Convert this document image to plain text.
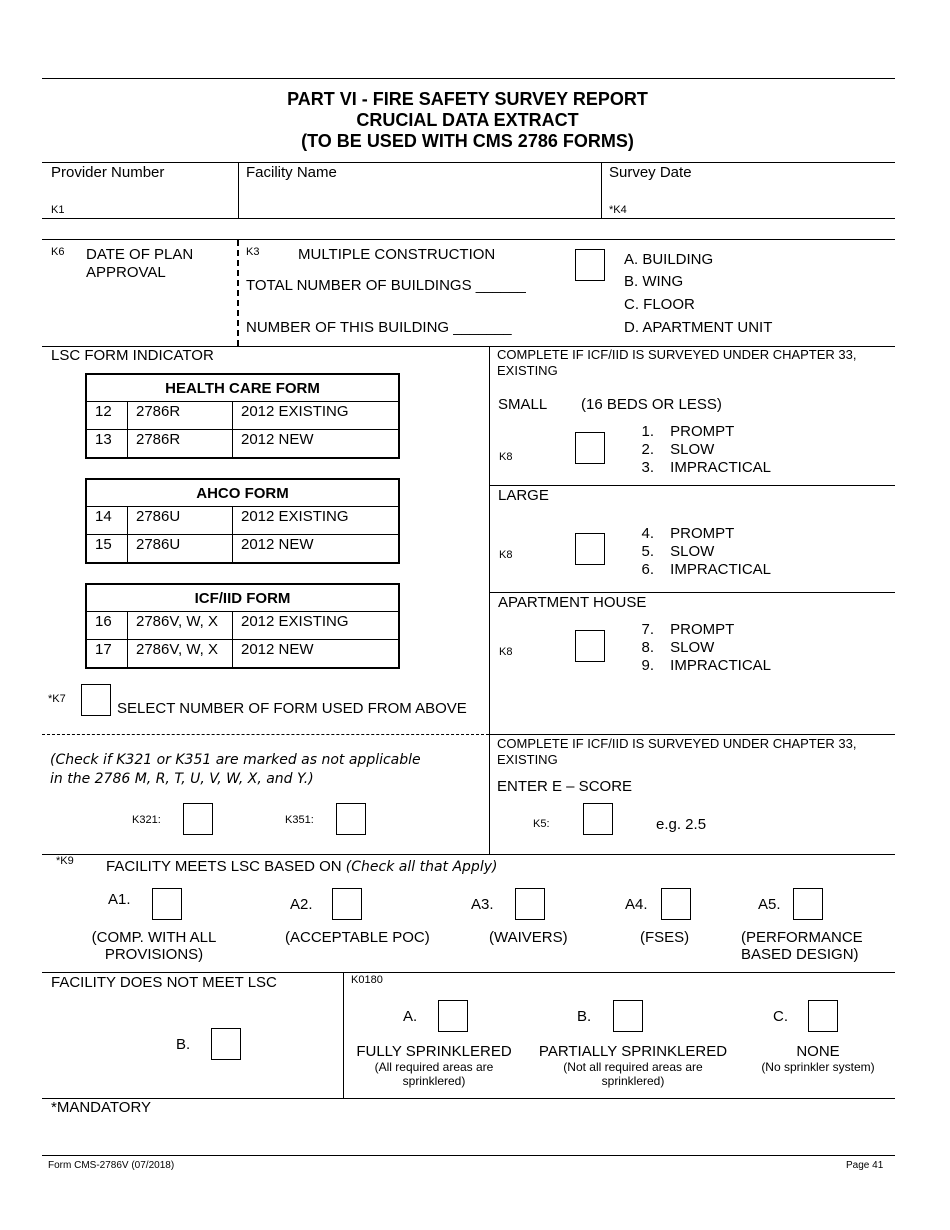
PART VI - FIRE SAFETY SURVEY REPORT
CRUCIAL DATA EXTRACT
(TO BE USED WITH CMS 2786 FORMS)
Provider Number
K1
Facility Name	Survey Date
*K4
K6 DATE OF PLAN
APPROVAL
K3	MULTIPLE CONSTRUCTION
TOTAL NUMBER OF BUILDINGS ______
NUMBER OF THIS BUILDING _______
A. BUILDING
B. WING
C. FLOOR
D. APARTMENT UNIT
LSC FORM INDICATOR
HEALTH CARE FORM		
12	2786R	2012 EXISTING
13	2786R	2012 NEW
AHCO FORM		
14	2786U	2012 EXISTING
15	2786U	2012 NEW
ICF/IID FORM		
16	2786V, W, X	2012 EXISTING
17	2786V, W, X	2012 NEW
*K7
SELECT NUMBER OF FORM USED FROM ABOVE
COMPLETE IF ICF/IID IS SURVEYED UNDER CHAPTER 33,
EXISTING
SMALL (16 BEDS OR LESS)
K8
1. PROMPT
2. SLOW
3. IMPRACTICAL
LARGE
K8
4. PROMPT
5. SLOW
6. IMPRACTICAL
APARTMENT HOUSE
K8
7. PROMPT
8. SLOW
9. IMPRACTICAL
(Check if K321 or K351 are marked as not applicable
in the 2786 M, R, T, U, V, W, X, and Y.)
K321:	K351:
COMPLETE IF ICF/IID IS SURVEYED UNDER CHAPTER 33,
EXISTING
ENTER E – SCORE
K5:	e.g. 2.5
*K9 FACILITY MEETS LSC BASED ON (Check all that Apply)
A1.
(COMP. WITH ALL
PROVISIONS)
A2.
(ACCEPTABLE POC)
A3.
(WAIVERS)
A4.
(FSES)
A5.
(PERFORMANCE
BASED DESIGN)
FACILITY DOES NOT MEET LSC
B.
K0180
A.
FULLY SPRINKLERED
(All required areas are
sprinklered)
B.
PARTIALLY SPRINKLERED
(Not all required areas are
sprinklered)
C.
NONE
(No sprinkler system)
*MANDATORY
Form CMS-2786V (07/2018)	Page 41
